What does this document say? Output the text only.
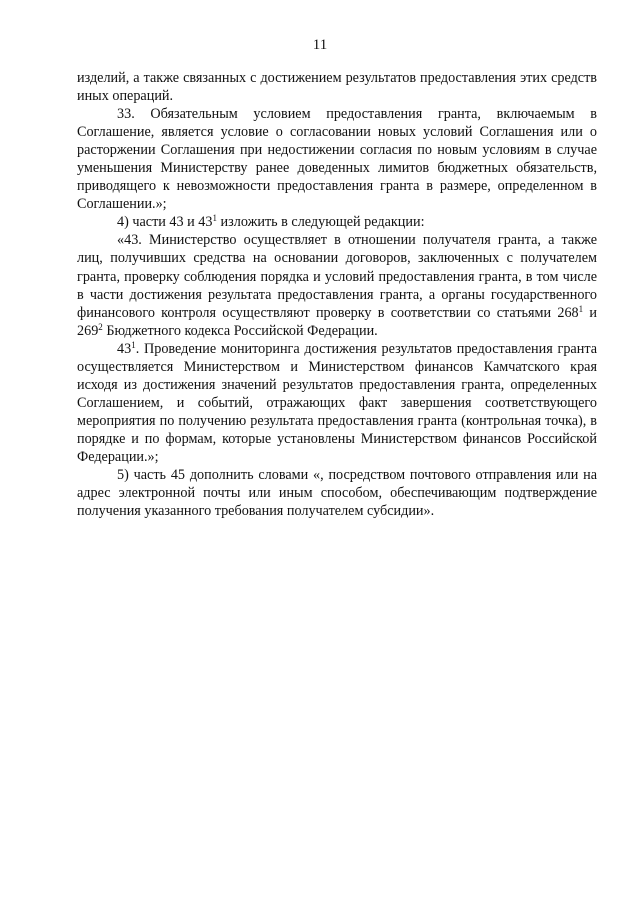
11

изделий, а также связанных с достижением результатов предоставления этих средств иных операций.

33. Обязательным условием предоставления гранта, включаемым в Соглашение, является условие о согласовании новых условий Соглашения или о расторжении Соглашения при недостижении согласия по новым условиям в случае уменьшения Министерству ранее доведенных лимитов бюджетных обязательств, приводящего к невозможности предоставления гранта в размере, определенном в Соглашении.»;

4) части 43 и $43^1$ изложить в следующей редакции:

«43. Министерство осуществляет в отношении получателя гранта, а также лиц, получивших средства на основании договоров, заключенных с получателем гранта, проверку соблюдения порядка и условий предоставления гранта, в том числе в части достижения результата предоставления гранта, а органы государственного финансового контроля осуществляют проверку в соответствии со статьями $268^1$ и $269^2$ Бюджетного кодекса Российской Федерации.

$43^1$. Проведение мониторинга достижения результатов предоставления гранта осуществляется Министерством и Министерством финансов Камчатского края исходя из достижения значений результатов предоставления гранта, определенных Соглашением, и событий, отражающих факт завершения соответствующего мероприятия по получению результата предоставления гранта (контрольная точка), в порядке и по формам, которые установлены Министерством финансов Российской Федерации.»;

5) часть 45 дополнить словами «, посредством почтового отправления или на адрес электронной почты или иным способом, обеспечивающим подтверждение получения указанного требования получателем субсидии».
